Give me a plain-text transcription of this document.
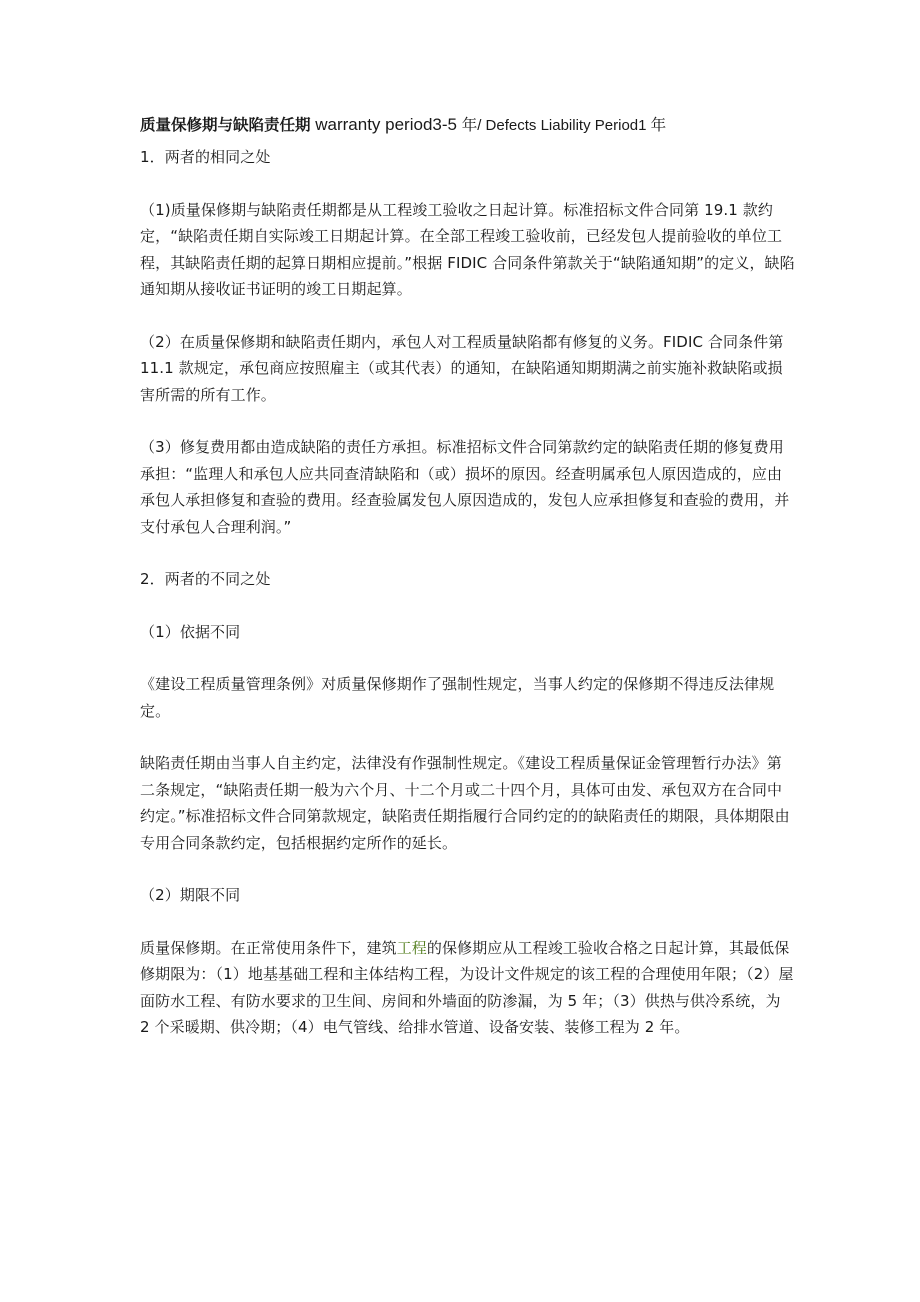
质量保修期与缺陷责任期 warranty period3-5 年/ Defects Liability Period1 年

1．两者的相同之处

（1)质量保修期与缺陷责任期都是从工程竣工验收之日起计算。标准招标文件合同第 19.1 款约定，“缺陷责任期自实际竣工日期起计算。在全部工程竣工验收前，已经发包人提前验收的单位工程，其缺陷责任期的起算日期相应提前。”根据 FIDIC 合同条件第款关于“缺陷通知期”的定义，缺陷通知期从接收证书证明的竣工日期起算。

（2）在质量保修期和缺陷责任期内，承包人对工程质量缺陷都有修复的义务。FIDIC 合同条件第 11.1 款规定，承包商应按照雇主（或其代表）的通知，在缺陷通知期期满之前实施补救缺陷或损害所需的所有工作。

（3）修复费用都由造成缺陷的责任方承担。标准招标文件合同第款约定的缺陷责任期的修复费用承担：“监理人和承包人应共同查清缺陷和（或）损坏的原因。经查明属承包人原因造成的，应由承包人承担修复和查验的费用。经查验属发包人原因造成的，发包人应承担修复和查验的费用，并支付承包人合理利润。”

2．两者的不同之处

（1）依据不同

《建设工程质量管理条例》对质量保修期作了强制性规定，当事人约定的保修期不得违反法律规定。

缺陷责任期由当事人自主约定，法律没有作强制性规定。《建设工程质量保证金管理暂行办法》第二条规定，“缺陷责任期一般为六个月、十二个月或二十四个月，具体可由发、承包双方在合同中约定。”标准招标文件合同第款规定，缺陷责任期指履行合同约定的的缺陷责任的期限，具体期限由专用合同条款约定，包括根据约定所作的延长。

（2）期限不同

质量保修期。在正常使用条件下，建筑工程的保修期应从工程竣工验收合格之日起计算，其最低保修期限为：（1）地基基础工程和主体结构工程，为设计文件规定的该工程的合理使用年限；（2）屋面防水工程、有防水要求的卫生间、房间和外墙面的防渗漏，为 5 年；（3）供热与供冷系统，为 2 个采暖期、供冷期；（4）电气管线、给排水管道、设备安装、装修工程为 2 年。
